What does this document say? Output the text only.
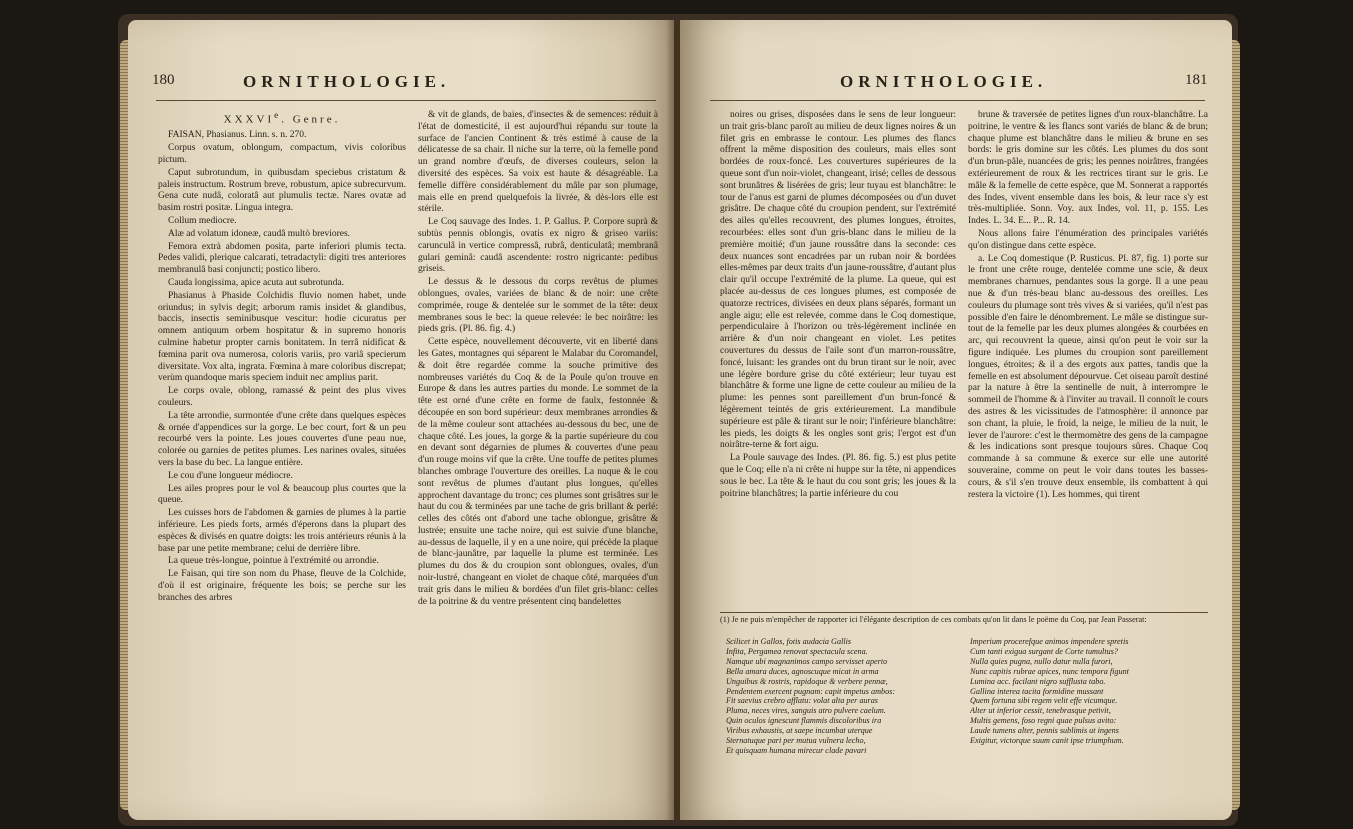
180	ORNITHOLOGIE.

XXXVIe. Genre.

FAISAN, Phasianus. Linn. s. n. 270.

Corpus ovatum, oblongum, compactum, vivis coloribus pictum.

Caput subrotundum, in quibusdam speciebus cristatum & paleis instructum. Rostrum breve, robustum, apice subrecurvum. Gena cute nudâ, coloratâ aut plumulis tectæ. Nares ovatæ ad basim rostri positæ. Lingua integra.

Collum mediocre.

Alæ ad volatum idoneæ, caudâ multò breviores.

Femora extrà abdomen posita, parte inferiori plumis tecta. Pedes validi, plerique calcarati, tetradactyli: digiti tres anteriores membranulâ basi conjuncti; postico libero.

Cauda longissima, apice acuta aut subrotunda.

Phasianus à Phaside Colchidis fluvio nomen habet, unde oriundus; in sylvis degit; arborum ramis insidet & glandibus, baccis, insectis seminibusque vescitur: hodie cicuratus per omnem antiquum orbem hospitatur & in supremo honoris culmine habetur propter carnis bonitatem. In terrâ nidificat & fœmina parit ova numerosa, coloris variis, pro variâ specierum diversitate. Vox alta, ingrata. Fœmina à mare coloribus discrepat; verùm quandoque maris speciem induit nec amplius parit.

Le corps ovale, oblong, ramassé & peint des plus vives couleurs.

La tête arrondie, surmontée d'une crête dans quelques espèces & ornée d'appendices sur la gorge. Le bec court, fort & un peu recourbé vers la pointe. Les joues couvertes d'une peau nue, colorée ou garnies de petites plumes. Les narines ovales, situées vers la base du bec. La langue entière.

Le cou d'une longueur médiocre.

Les ailes propres pour le vol & beaucoup plus courtes que la queue.

Les cuisses hors de l'abdomen & garnies de plumes à la partie inférieure. Les pieds forts, armés d'éperons dans la plupart des espèces & divisés en quatre doigts: les trois antérieurs réunis à la base par une petite membrane; celui de derrière libre.

La queue très-longue, pointue à l'extrémité ou arrondie.

Le Faisan, qui tire son nom du Phase, fleuve de la Colchide, d'où il est originaire, fréquente les bois; se perche sur les branches des arbres

& vit de glands, de baies, d'insectes & de semences: réduit à l'état de domesticité, il est aujourd'hui répandu sur toute la surface de l'ancien Continent & très estimé à cause de la délicatesse de sa chair. Il niche sur la terre, où la femelle pond un grand nombre d'œufs, de diverses couleurs, selon la diversité des espèces. Sa voix est haute & désagréable. La femelle diffère considérablement du mâle par son plumage, mais elle en prend quelquefois la livrée, & dès-lors elle est stérile.

Le Coq sauvage des Indes. 1. P. Gallus. P. Corpore suprà & subtùs pennis oblongis, ovatis ex nigro & griseo variis: carunculâ in vertice compressâ, rubrâ, denticulatâ; membranâ gulari geminâ: caudâ ascendente: rostro nigricante: pedibus griseis.

Le dessus & le dessous du corps revêtus de plumes oblongues, ovales, variées de blanc & de noir: une crête comprimée, rouge & dentelée sur le sommet de la tête: deux membranes sous le bec: la queue relevée: le bec noirâtre: les pieds gris. (Pl. 86. fig. 4.)

Cette espèce, nouvellement découverte, vit en liberté dans les Gates, montagnes qui séparent le Malabar du Coromandel, & doit être regardée comme la souche primitive des nombreuses variétés du Coq & de la Poule qu'on trouve en Europe & dans les autres parties du monde. Le sommet de la tête est orné d'une crête en forme de faulx, festonnée & découpée en son bord supérieur: deux membranes arrondies & de la même couleur sont attachées au-dessous du bec, une de chaque côté. Les joues, la gorge & la partie supérieure du cou en devant sont dégarnies de plumes & couvertes d'une peau d'un rouge moins vif que la crête. Une touffe de petites plumes blanches ombrage l'ouverture des oreilles. La nuque & le cou sont revêtus de plumes d'autant plus longues, qu'elles approchent davantage du tronc; ces plumes sont grisâtres sur le haut du cou & terminées par une tache de gris brillant & perlé: celles des côtés ont d'abord une tache oblongue, grisâtre & lustrée; ensuite une tache noire, qui est suivie d'une blanche, au-dessus de laquelle, il y en a une noire, qui précède la plaque de blanc-jaunâtre, par laquelle la plume est terminée. Les plumes du dos & du croupion sont oblongues, ovales, d'un noir-lustré, changeant en violet de chaque côté, marquées d'un trait gris dans le milieu & bordées d'un filet gris-blanc: celles de la poitrine & du ventre présentent cinq bandelettes

ORNITHOLOGIE.	181

noires ou grises, disposées dans le sens de leur longueur: un trait gris-blanc paroît au milieu de deux lignes noires & un filet gris en embrasse le contour. Les plumes des flancs offrent la même disposition des couleurs, mais elles sont bordées de roux-foncé. Les couvertures supérieures de la queue sont d'un noir-violet, changeant, irisé; celles de dessous sont brunâtres & lisérées de gris; leur tuyau est blanchâtre: le tour de l'anus est garni de plumes décomposées ou d'un duvet grisâtre. De chaque côté du croupion pendent, sur l'extrémité des ailes qu'elles recouvrent, des plumes longues, étroites, recourbées: elles sont d'un gris-blanc dans le milieu de la première moitié; d'un jaune roussâtre dans la seconde: ces deux nuances sont encadrées par un ruban noir & bordées elles-mêmes par deux traits d'un jaune-roussâtre, d'autant plus clair qu'il occupe l'extrémité de la plume. La queue, qui est placée au-dessus de ces longues plumes, est composée de quatorze rectrices, divisées en deux plans séparés, formant un angle aigu; elle est relevée, comme dans le Coq domestique, perpendiculaire à l'horizon ou très-légèrement inclinée en arrière & d'un noir changeant en violet. Les petites couvertures du dessus de l'aile sont d'un marron-roussâtre, foncé, luisant: les grandes ont du brun tirant sur le noir, avec une légère bordure grise du côté extérieur; leur tuyau est blanchâtre & forme une ligne de cette couleur au milieu de la plume: les pennes sont pareillement d'un brun-foncé & légèrement teintés de gris extérieurement. La mandibule supérieure est pâle & tirant sur le noir; l'inférieure blanchâtre: les pieds, les doigts & les ongles sont gris; l'ergot est d'un noirâtre-terne & fort aigu.

La Poule sauvage des Indes. (Pl. 86. fig. 5.) est plus petite que le Coq; elle n'a ni crête ni huppe sur la tête, ni appendices sous le bec. La tête & le haut du cou sont gris; les joues & la poitrine blanchâtres; la partie inférieure du cou

brune & traversée de petites lignes d'un roux-blanchâtre. La poitrine, le ventre & les flancs sont variés de blanc & de brun; chaque plume est blanchâtre dans le milieu & brune en ses bords: le gris domine sur les côtés. Les plumes du dos sont d'un brun-pâle, nuancées de gris; les pennes noirâtres, frangées extérieurement de roux & les rectrices tirant sur le gris. Le mâle & la femelle de cette espèce, que M. Sonnerat a rapportés des Indes, vivent ensemble dans les bois, & leur race s'y est très-multipliée. Sonn. Voy. aux Indes, vol. 11, p. 155. Les Indes. L. 34. E... P... R. 14.

Nous allons faire l'énumération des principales variétés qu'on distingue dans cette espèce.

a. Le Coq domestique (P. Rusticus. Pl. 87, fig. 1) porte sur le front une crête rouge, dentelée comme une scie, & deux membranes charnues, pendantes sous la gorge. Il a une peau nue & d'un très-beau blanc au-dessous des oreilles. Les couleurs du plumage sont très vives & si variées, qu'il n'est pas possible d'en faire le dénombrement. Le mâle se distingue sur-tout de la femelle par les deux plumes alongées & courbées en arc, qui recouvrent la queue, ainsi qu'on peut le voir sur la figure indiquée. Les plumes du croupion sont pareillement longues, étroites; & il a des ergots aux pattes, tandis que la femelle en est absolument dépourvue. Cet oiseau paroît destiné par la nature à être la sentinelle de nuit, à interrompre le sommeil de l'homme & à l'inviter au travail. Il connoît le cours des astres & les vicissitudes de l'atmosphère: il annonce par son chant, la pluie, le froid, la neige, le milieu de la nuit, le lever de l'aurore: c'est le thermomètre des gens de la campagne & les indications sont presque toujours sûres. Chaque Coq commande à sa commune & exerce sur elle une autorité souveraine, comme on peut le voir dans toutes les basses-cours, & s'il s'en trouve deux ensemble, ils combattent à qui restera la victoire (1). Les hommes, qui tirent

(1) Je ne puis m'empêcher de rapporter ici l'élégante description de ces combats qu'on lit dans le poëme du Coq, par Jean Passerat:
Scilicet in Gallos, fotis audacia Gallis
Infita, Pergamea renovat spectacula scena.
Namque ubi magnanimos campo servisset aperto
Bella amara duces, agnoscuque micat in arma
Unguibus & rostris, rapidoque & verbere pennæ,
Pendentem exercent pugnam: capit impetus ambos:
Fit saevius crebro afflatu: volat alta per auras
Pluma, neces vires, sanguis atro pulvere caelum.
Quin oculos ignescunt flammis discoloribus ira
Viribus exhaustis, at saepe incumbat uterque
Sternatuque pari per mutua vulnera lecho,
Et quisquam humana mirecur clade pavari
Imperium procerefque animos impendere spretis
Cum tanti exigua surgant de Corte tumultus?
Nulla quies pugna, nullo datur nulla furori,
Nunc capitis rubrae apices, nunc tempora figunt
Lumina acc. facilant nigro sufflusta tabo.
Gallina interea tacita formidine mussant
Quem fortuna sibi regem velit effe vicumque.
Alter ut inferior cessit, tenebrasque petivit,
Multis gemens, foso regni quae pulsus avito:
Laude tumens alter, pennis sublimis ut ingens
Exigitur, victorque suum canit ipse triumphum.
